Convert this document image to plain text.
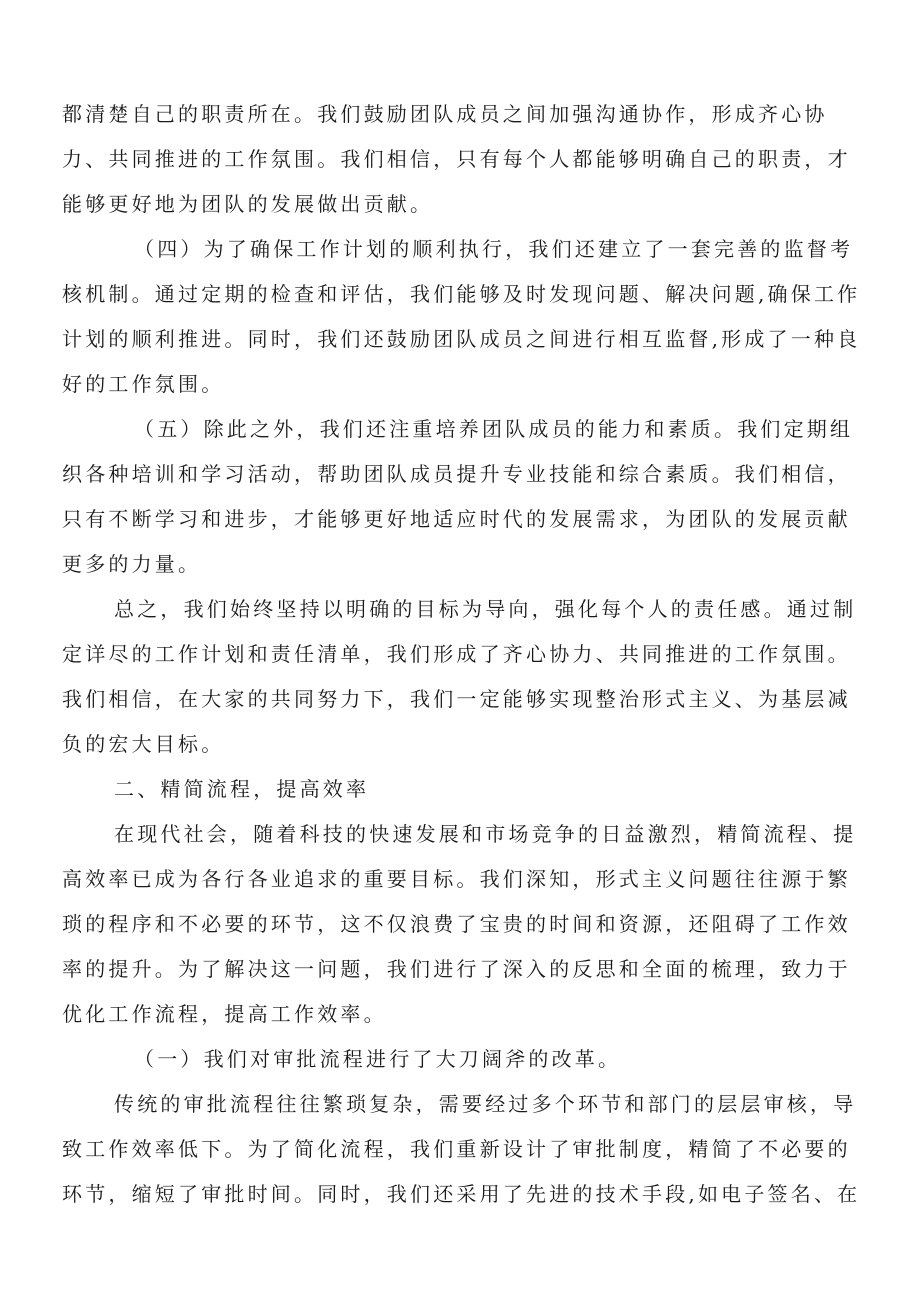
都清楚自己的职责所在。我们鼓励团队成员之间加强沟通协作，形成齐心协
力、共同推进的工作氛围。我们相信，只有每个人都能够明确自己的职责，才
能够更好地为团队的发展做出贡献。
（四）为了确保工作计划的顺利执行，我们还建立了一套完善的监督考
核机制。通过定期的检查和评估，我们能够及时发现问题、解决问题,确保工作
计划的顺利推进。同时，我们还鼓励团队成员之间进行相互监督,形成了一种良
好的工作氛围。
（五）除此之外，我们还注重培养团队成员的能力和素质。我们定期组
织各种培训和学习活动，帮助团队成员提升专业技能和综合素质。我们相信，
只有不断学习和进步，才能够更好地适应时代的发展需求，为团队的发展贡献
更多的力量。
总之，我们始终坚持以明确的目标为导向，强化每个人的责任感。通过制
定详尽的工作计划和责任清单，我们形成了齐心协力、共同推进的工作氛围。
我们相信，在大家的共同努力下，我们一定能够实现整治形式主义、为基层减
负的宏大目标。
二、精简流程，提高效率
在现代社会，随着科技的快速发展和市场竞争的日益激烈，精简流程、提
高效率已成为各行各业追求的重要目标。我们深知，形式主义问题往往源于繁
琐的程序和不必要的环节，这不仅浪费了宝贵的时间和资源，还阻碍了工作效
率的提升。为了解决这一问题，我们进行了深入的反思和全面的梳理，致力于
优化工作流程，提高工作效率。
（一）我们对审批流程进行了大刀阔斧的改革。
传统的审批流程往往繁琐复杂，需要经过多个环节和部门的层层审核，导
致工作效率低下。为了简化流程，我们重新设计了审批制度，精简了不必要的
环节，缩短了审批时间。同时，我们还采用了先进的技术手段,如电子签名、在
